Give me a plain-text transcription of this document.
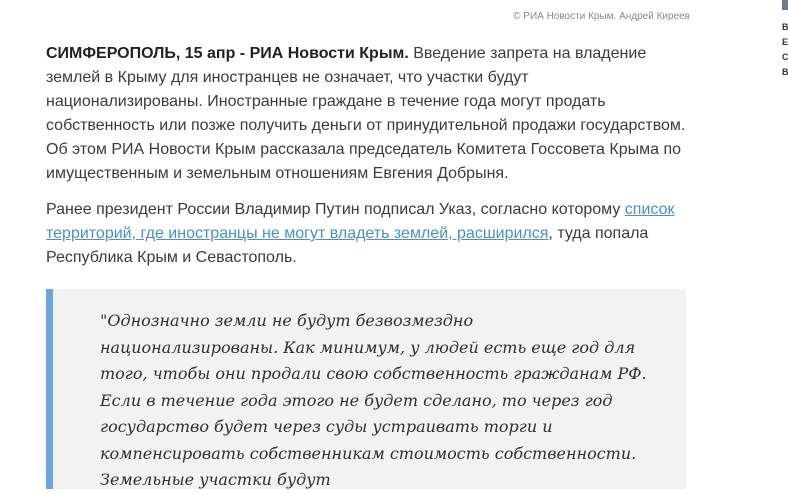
© РИА Новости Крым. Андрей Киреев

СИМФЕРОПОЛЬ, 15 апр - РИА Новости Крым. Введение запрета на владение землей в Крыму для иностранцев не означает, что участки будут национализированы. Иностранные граждане в течение года могут продать собственность или позже получить деньги от принудительной продажи государством. Об этом РИА Новости Крым рассказала председатель Комитета Госсовета Крыма по имущественным и земельным отношениям Евгения Добрыня.

Ранее президент России Владимир Путин подписал Указ, согласно которому список территорий, где иностранцы не могут владеть землей, расширился, туда попала Республика Крым и Севастополь.

"Однозначно земли не будут безвозмездно национализированы. Как минимум, у людей есть еще год для того, чтобы они продали свою собственность гражданам РФ. Если в течение года этого не будет сделано, то через год государство будет через суды устраивать торги и компенсировать собственникам стоимость собственности. Земельные участки будут

В
Е
С
В
